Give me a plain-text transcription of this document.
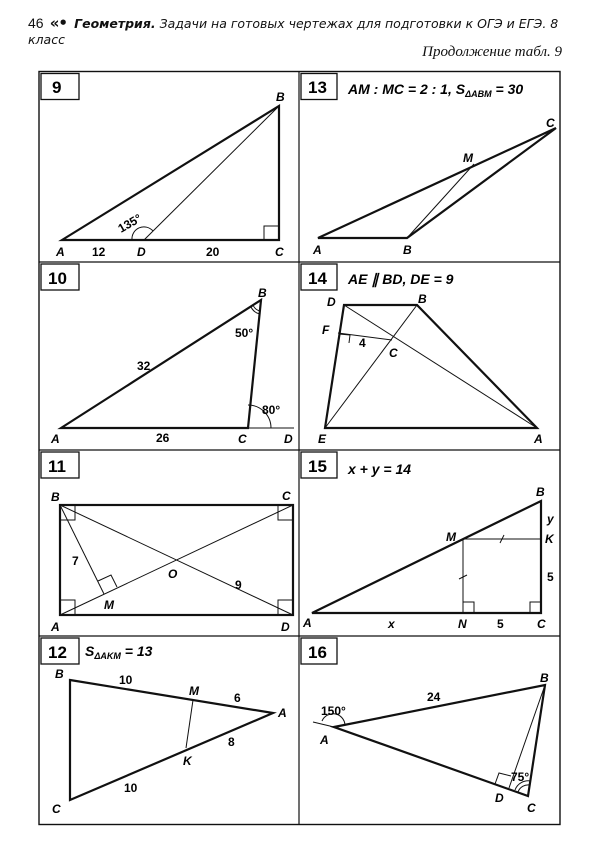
46 «• Геометрия. Задачи на готовых чертежах для подготовки к ОГЭ и ЕГЭ. 8 класс
Продолжение табл. 9
9
A
B
C
D
12	20
135°
13 AM : MC = 2 : 1, $S_{\Delta ABM} = 30$
A	B
C
M
10
A
B
C	D
32
26
50°
80°
14 AE ∥ BD, DE = 9
D	B
C
F
E	A
4
11
B	C
A	D
O
M
7
9
15 x + y = 14
A
B
C
K
M
N
x	5
5
y
12 $S_{\Delta AKM} = 13$
B
A
C
M
K
10
6
8
10
16
A
B
C
D
24
150°
75°
